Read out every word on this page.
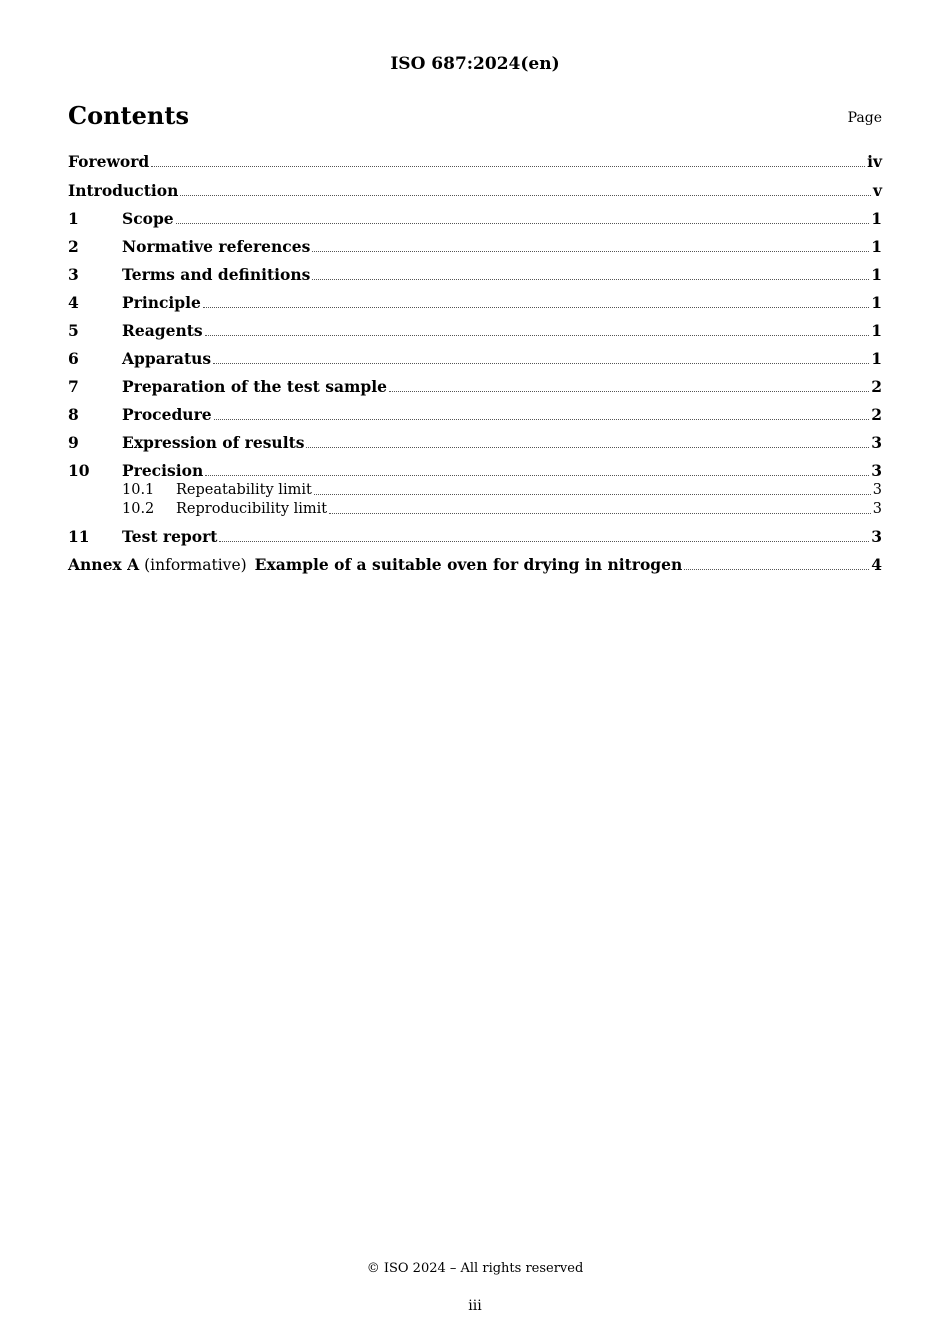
ISO 687:2024(en)
Contents	Page
Foreword	iv
Introduction	v
1	Scope	1
2	Normative references	1
3	Terms and definitions	1
4	Principle	1
5	Reagents	1
6	Apparatus	1
7	Preparation of the test sample	2
8	Procedure	2
9	Expression of results	3
10	Precision	3
10.1	Repeatability limit	3
10.2	Reproducibility limit	3
11	Test report	3
Annex A (informative) Example of a suitable oven for drying in nitrogen	4
© ISO 2024 – All rights reserved
iii
